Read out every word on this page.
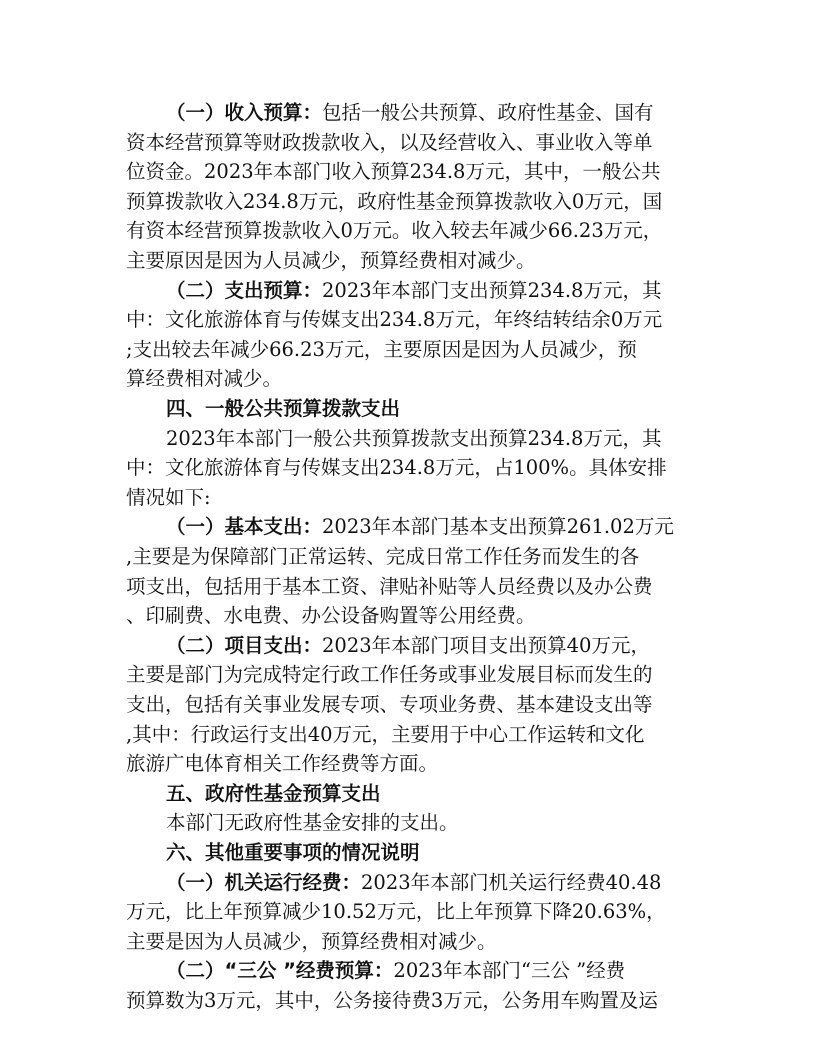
（一）收入预算：包括一般公共预算、政府性基金、国有
资本经营预算等财政拨款收入，以及经营收入、事业收入等单
位资金。2023年本部门收入预算234.8万元，其中，一般公共
预算拨款收入234.8万元，政府性基金预算拨款收入0万元，国
有资本经营预算拨款收入0万元。收入较去年减少66.23万元，
主要原因是因为人员减少，预算经费相对减少。
（二）支出预算：2023年本部门支出预算234.8万元，其
中：文化旅游体育与传媒支出234.8万元，年终结转结余0万元
;支出较去年减少66.23万元，主要原因是因为人员减少，预
算经费相对减少。
四、一般公共预算拨款支出
2023年本部门一般公共预算拨款支出预算234.8万元，其
中：文化旅游体育与传媒支出234.8万元，占100%。具体安排
情况如下:
（一）基本支出：2023年本部门基本支出预算261.02万元
,主要是为保障部门正常运转、完成日常工作任务而发生的各
项支出，包括用于基本工资、津贴补贴等人员经费以及办公费
、印刷费、水电费、办公设备购置等公用经费。
（二）项目支出：2023年本部门项目支出预算40万元，
主要是部门为完成特定行政工作任务或事业发展目标而发生的
支出，包括有关事业发展专项、专项业务费、基本建设支出等
,其中：行政运行支出40万元，主要用于中心工作运转和文化
旅游广电体育相关工作经费等方面。
五、政府性基金预算支出
本部门无政府性基金安排的支出。
六、其他重要事项的情况说明
（一）机关运行经费：2023年本部门机关运行经费40.48
万元，比上年预算减少10.52万元，比上年预算下降20.63%，
主要是因为人员减少，预算经费相对减少。
（二）“三公 ”经费预算：2023年本部门“三公 ”经费
预算数为3万元，其中，公务接待费3万元，公务用车购置及运
